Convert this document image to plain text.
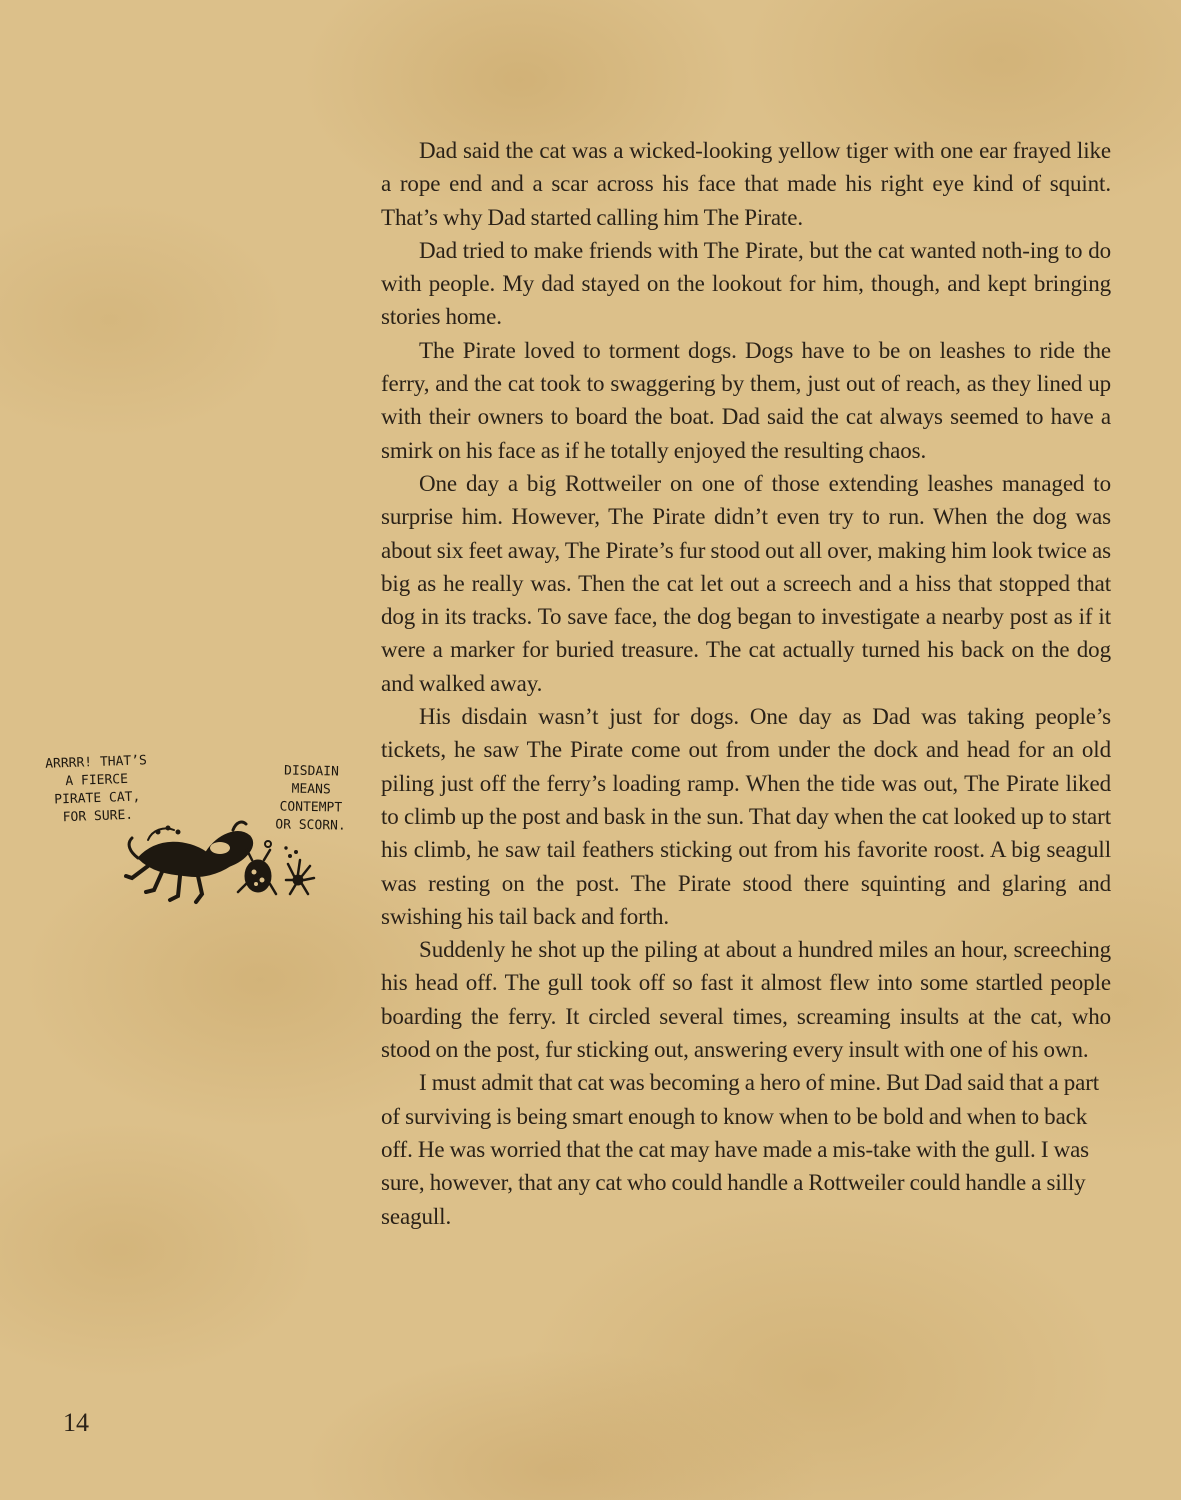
Dad said the cat was a wicked-looking yellow tiger with one ear frayed like a rope end and a scar across his face that made his right eye kind of squint. That’s why Dad started calling him The Pirate.

Dad tried to make friends with The Pirate, but the cat wanted noth-ing to do with people. My dad stayed on the lookout for him, though, and kept bringing stories home.

The Pirate loved to torment dogs. Dogs have to be on leashes to ride the ferry, and the cat took to swaggering by them, just out of reach, as they lined up with their owners to board the boat. Dad said the cat always seemed to have a smirk on his face as if he totally enjoyed the resulting chaos.

One day a big Rottweiler on one of those extending leashes managed to surprise him. However, The Pirate didn’t even try to run. When the dog was about six feet away, The Pirate’s fur stood out all over, making him look twice as big as he really was. Then the cat let out a screech and a hiss that stopped that dog in its tracks. To save face, the dog began to investigate a nearby post as if it were a marker for buried treasure. The cat actually turned his back on the dog and walked away.

His disdain wasn’t just for dogs. One day as Dad was taking people’s tickets, he saw The Pirate come out from under the dock and head for an old piling just off the ferry’s loading ramp. When the tide was out, The Pirate liked to climb up the post and bask in the sun. That day when the cat looked up to start his climb, he saw tail feathers sticking out from his favorite roost. A big seagull was resting on the post. The Pirate stood there squinting and glaring and swishing his tail back and forth.

Suddenly he shot up the piling at about a hundred miles an hour, screeching his head off. The gull took off so fast it almost flew into some startled people boarding the ferry. It circled several times, screaming insults at the cat, who stood on the post, fur sticking out, answering every insult with one of his own.

I must admit that cat was becoming a hero of mine. But Dad said that a part of surviving is being smart enough to know when to be bold and when to back off. He was worried that the cat may have made a mis-take with the gull. I was sure, however, that any cat who could handle a Rottweiler could handle a silly seagull.

ARRRR! THAT’S
A FIERCE
PIRATE CAT,
FOR SURE.
DISDAIN
MEANS
CONTEMPT
OR SCORN.
14
